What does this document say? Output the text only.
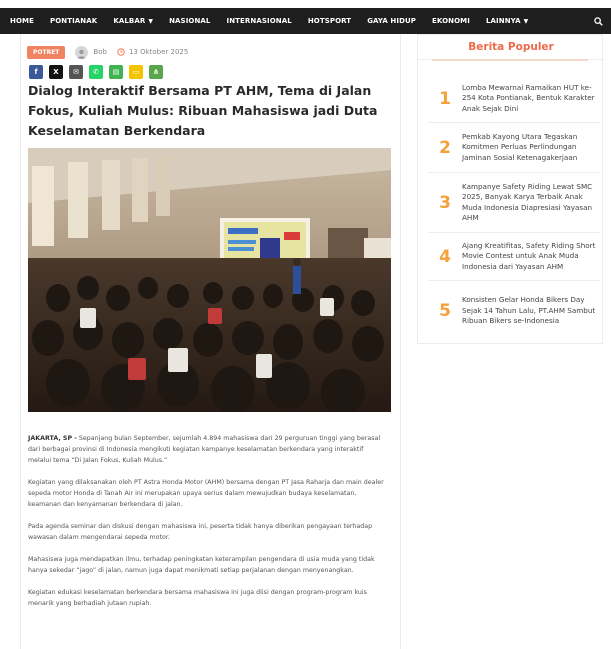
HOME PONTIANAK KALBAR ▼ NASIONAL INTERNASIONAL HOTSPORT GAYA HIDUP EKONOMI LAINNYA ▼
POTRET	Bob	13 Oktober 2025
f X ✉ ✆ ▤ ▭ ⋔
Dialog Interaktif Bersama PT AHM, Tema di Jalan Fokus, Kuliah Mulus: Ribuan Mahasiswa jadi Duta Keselamatan Berkendara

JAKARTA, SP - Sepanjang bulan September, sejumlah 4.894 mahasiswa dari 29 perguruan tinggi yang berasal dari berbagai provinsi di Indonesia mengikuti kegiatan kampanye keselamatan berkendara yang interaktif melalui tema “Di Jalan Fokus, Kuliah Mulus.”

Kegiatan yang dilaksanakan oleh PT Astra Honda Motor (AHM) bersama dengan PT Jasa Raharja dan main dealer sepeda motor Honda di Tanah Air ini merupakan upaya serius dalam mewujudkan budaya keselamatan, keamanan dan kenyamanan berkendara di jalan.

Pada agenda seminar dan diskusi dengan mahasiswa ini, peserta tidak hanya diberikan pengayaan terhadap wawasan dalam mengendarai sepeda motor.

Mahasiswa juga mendapatkan ilmu, terhadap peningkatan keterampilan pengendara di usia muda yang tidak hanya sekedar “jago” di jalan, namun juga dapat menikmati setiap perjalanan dengan menyenangkan.

Kegiatan edukasi keselamatan berkendara bersama mahasiswa ini juga diisi dengan program-program kuis menarik yang berhadiah jutaan rupiah.

Berita Populer
1
Lomba Mewarnai Ramaikan HUT ke-254 Kota Pontianak, Bentuk Karakter Anak Sejak Dini
2
Pemkab Kayong Utara Tegaskan Komitmen Perluas Perlindungan Jaminan Sosial Ketenagakerjaan
3
Kampanye Safety Riding Lewat SMC 2025, Banyak Karya Terbaik Anak Muda Indonesia Diapresiasi Yayasan AHM
4
Ajang Kreatifitas, Safety Riding Short Movie Contest untuk Anak Muda Indonesia dari Yayasan AHM
5
Konsisten Gelar Honda Bikers Day Sejak 14 Tahun Lalu, PT.AHM Sambut Ribuan Bikers se-Indonesia
